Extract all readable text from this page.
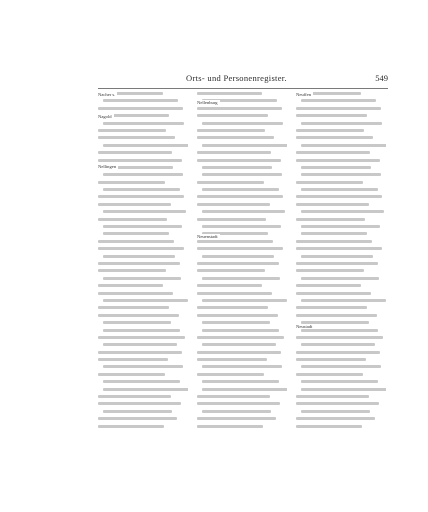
Orts- und Personenregister.	549
Nacher s.
Nagold
Nellingen
Nellenburg
Neuenstadt
Neuffen
Neustadt
